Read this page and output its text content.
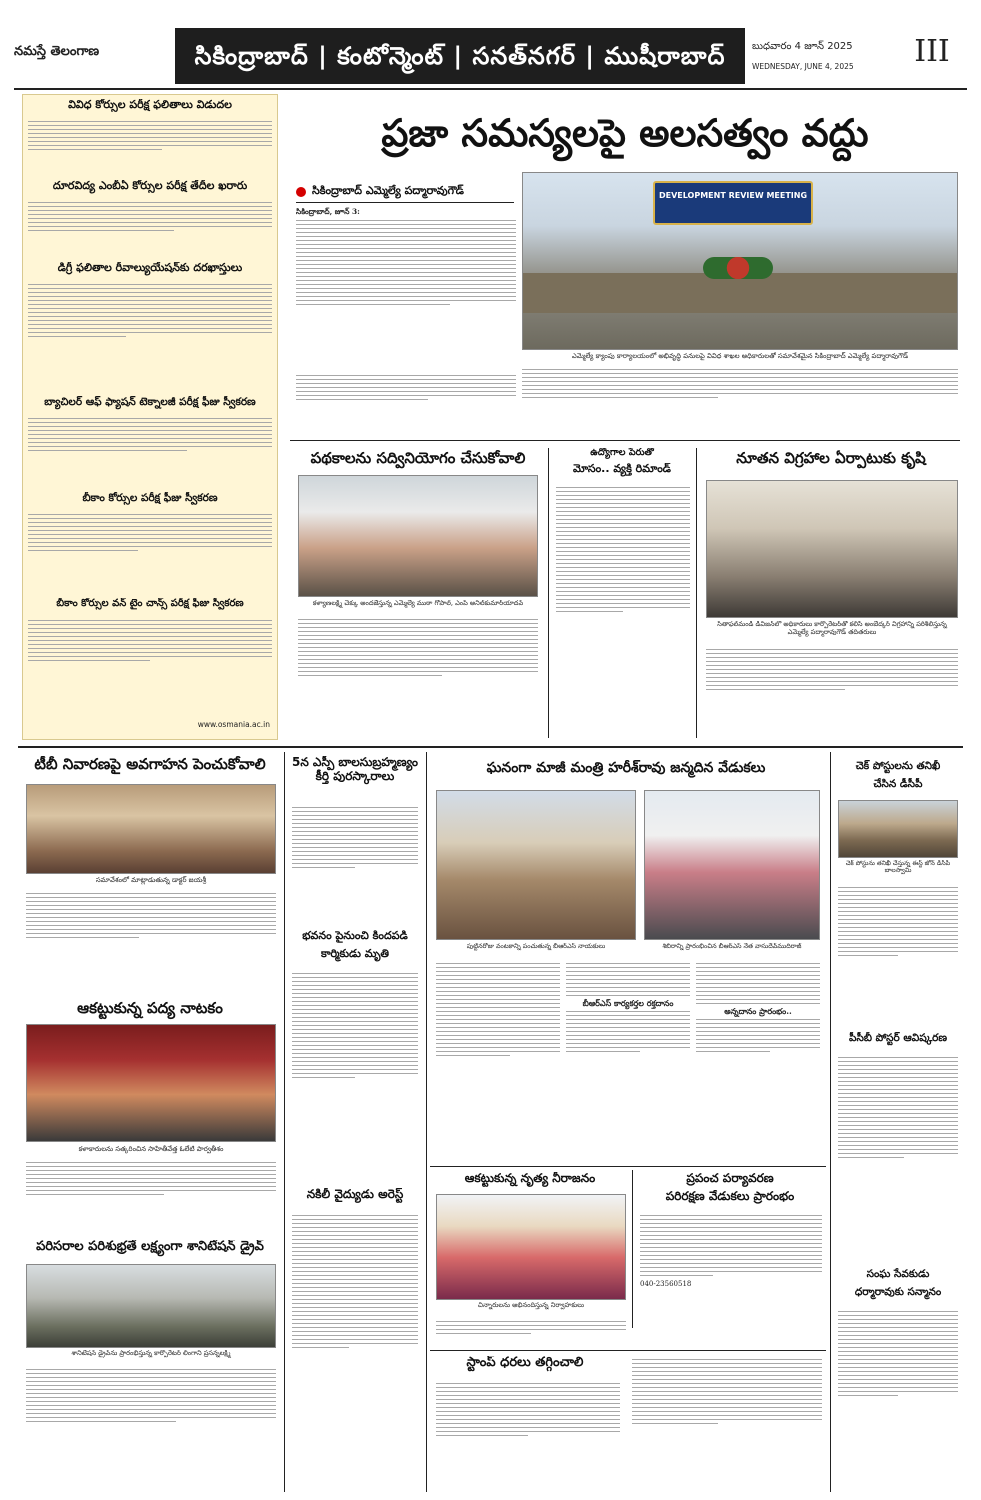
నమస్తే తెలంగాణ	సికింద్రాబాద్ | కంటోన్మెంట్ | సనత్‌నగర్ | ముషీరాబాద్	బుధవారం 4 జూన్ 2025
WEDNESDAY, JUNE 4, 2025	III
వివిధ కోర్సుల పరీక్ష ఫలితాలు విడుదల
దూరవిద్య ఎంబీఏ కోర్సుల పరీక్ష తేదీల ఖరారు
డిగ్రీ ఫలితాల రీవాల్యుయేషన్‌కు దరఖాస్తులు
బ్యాచిలర్ ఆఫ్ ఫ్యాషన్ టెక్నాలజీ పరీక్ష ఫీజు స్వీకరణ
బీకాం కోర్సుల పరీక్ష ఫీజు స్వీకరణ
బీకాం కోర్సుల వన్ టైం చాన్స్ పరీక్ష ఫీజు స్వీకరణ
www.osmania.ac.in
ప్రజా సమస్యలపై అలసత్వం వద్దు
సికింద్రాబాద్ ఎమ్మెల్యే పద్మారావుగౌడ్

సికింద్రాబాద్, జూన్ 3:

DEVELOPMENT REVIEW MEETING
ఎమ్మెల్యే క్యాంపు కార్యాలయంలో అభివృద్ధి పనులపై వివిధ శాఖల అధికారులతో సమావేశమైన సికింద్రాబాద్ ఎమ్మెల్యే పద్మారావుగౌడ్
పథకాలను సద్వినియోగం చేసుకోవాలి
కళ్యాణలక్ష్మి చెక్కు అందజేస్తున్న ఎమ్మెల్యే ముఠా గోపాల్, ఎంపీ అనిల్‌కుమార్‌యాదవ్
ఉద్యోగాల పేరుతో
మోసం.. వ్యక్తి రిమాండ్
నూతన విగ్రహాల ఏర్పాటుకు కృషి
సీతాఫల్‌మండి డివిజన్‌లో అధికారులు కార్పొరేటర్‌తో కలిసి అంబేద్కర్ విగ్రహాన్ని పరిశీలిస్తున్న ఎమ్మెల్యే పద్మారావుగౌడ్ తదితరులు
టీబీ నివారణపై అవగాహన పెంచుకోవాలి
సమావేశంలో మాట్లాడుతున్న డాక్టర్ జయశ్రీ
ఆకట్టుకున్న పద్య నాటకం
కళాకారులను సత్కరించిన సాహితీవేత్త ఓలేటి పార్వతీశం
పరిసరాల పరిశుభ్రతే లక్ష్యంగా శానిటేషన్ డ్రైవ్
శానిటేషన్ డ్రైవ్‌ను ప్రారంభిస్తున్న కార్పొరేటర్ లింగాని ప్రసన్నలక్ష్మి
5న ఎస్పీ బాలసుబ్రహ్మణ్యం కీర్తి పురస్కారాలు
భవనం పైనుంచి కిందపడి
కార్మికుడు మృతి
నకిలీ వైద్యుడు అరెస్ట్
ఘనంగా మాజీ మంత్రి హరీశ్‌రావు జన్మదిన వేడుకలు
పుట్టినరోజు వంటకాన్ని పంచుతున్న బీఆర్‌ఎస్ నాయకులు	శిబిరాన్ని ప్రారంభించిన బీఆర్‌ఎస్ నేత వాసుదేవ్‌ముదిరాజ్

బీఆర్‌ఎస్ కార్యకర్తల రక్తదానం

అన్నదానం ప్రారంభం..

ఆకట్టుకున్న నృత్య నీరాజనం
చిన్నారులను అభినందిస్తున్న నిర్వాహకులు
ప్రపంచ పర్యావరణ
పరిరక్షణ వేడుకలు ప్రారంభం
040-23560518
స్టాంప్ ధరలు తగ్గించాలి
చెక్ పోస్టులను తనిఖీ
చేసిన డీసీపీ
చెక్ పోస్టును తనిఖీ చేస్తున్న ఈస్ట్ జోన్ డీసీపీ బాలస్వామి
పీసీబీ పోస్టర్ ఆవిష్కరణ
సంఘ సేవకుడు
ధర్మారావుకు సన్మానం
